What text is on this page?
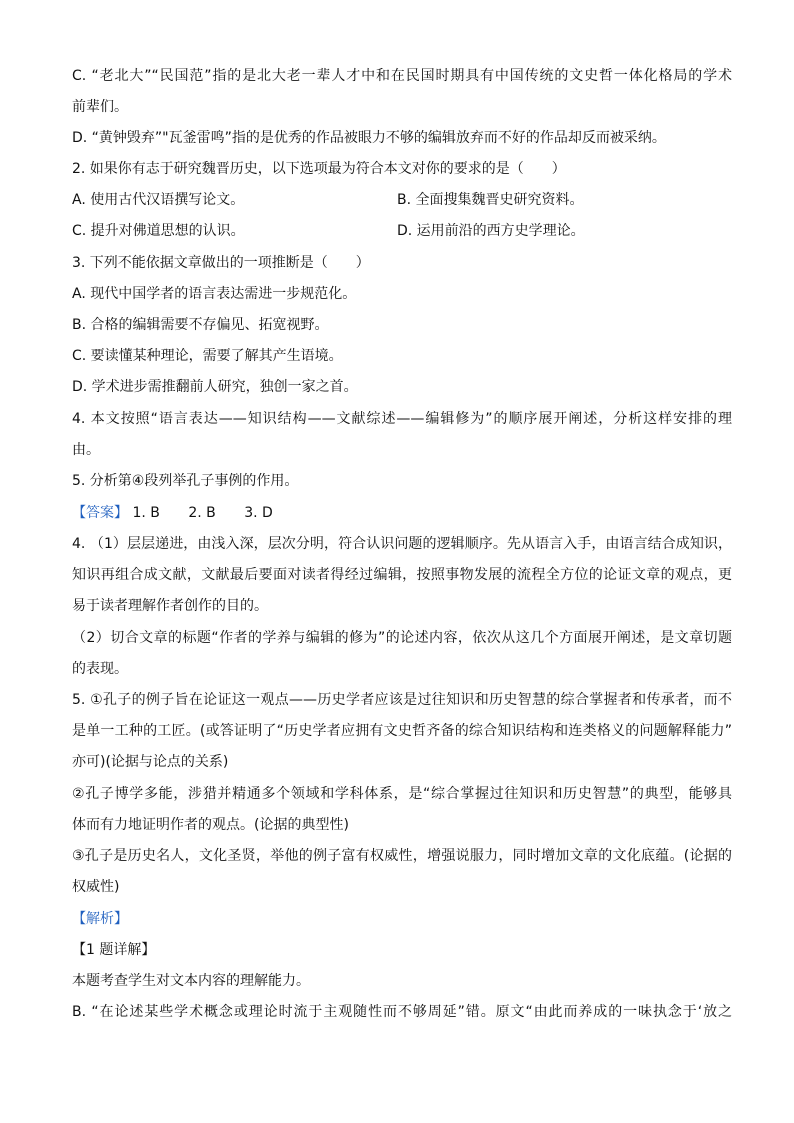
C. “老北大”“民国范”指的是北大老一辈人才中和在民国时期具有中国传统的文史哲一体化格局的学术
前辈们。
D. “黄钟毁弃”"瓦釜雷鸣”指的是优秀的作品被眼力不够的编辑放弃而不好的作品却反而被采纳。
2. 如果你有志于研究魏晋历史，以下选项最为符合本文对你的要求的是（　　）
A. 使用古代汉语撰写论文。	B. 全面搜集魏晋史研究资料。
C. 提升对佛道思想的认识。	D. 运用前沿的西方史学理论。
3. 下列不能依据文章做出的一项推断是（　　）
A. 现代中国学者的语言表达需进一步规范化。
B. 合格的编辑需要不存偏见、拓宽视野。
C. 要读懂某种理论，需要了解其产生语境。
D. 学术进步需推翻前人研究，独创一家之首。
4. 本文按照“语言表达——知识结构——文献综述——编辑修为”的顺序展开阐述，分析这样安排的理
由。
5. 分析第④段列举孔子事例的作用。
【答案】 1. B 2. B 3. D
4. （1）层层递进，由浅入深，层次分明，符合认识问题的逻辑顺序。先从语言入手，由语言结合成知识，
知识再组合成文献，文献最后要面对读者得经过编辑，按照事物发展的流程全方位的论证文章的观点，更
易于读者理解作者创作的目的。
（2）切合文章的标题“作者的学养与编辑的修为”的论述内容，依次从这几个方面展开阐述，是文章切题
的表现。
5. ①孔子的例子旨在论证这一观点——历史学者应该是过往知识和历史智慧的综合掌握者和传承者，而不
是单一工种的工匠。(或答证明了“历史学者应拥有文史哲齐备的综合知识结构和连类格义的问题解释能力”
亦可)(论据与论点的关系)
②孔子博学多能，涉猎并精通多个领域和学科体系，是“综合掌握过往知识和历史智慧”的典型，能够具
体而有力地证明作者的观点。(论据的典型性)
③孔子是历史名人，文化圣贤，举他的例子富有权威性，增强说服力，同时增加文章的文化底蕴。(论据的
权威性)
【解析】
【1 题详解】
本题考查学生对文本内容的理解能力。
B. “在论述某些学术概念或理论时流于主观随性而不够周延”错。原文“由此而养成的一味执念于‘放之
